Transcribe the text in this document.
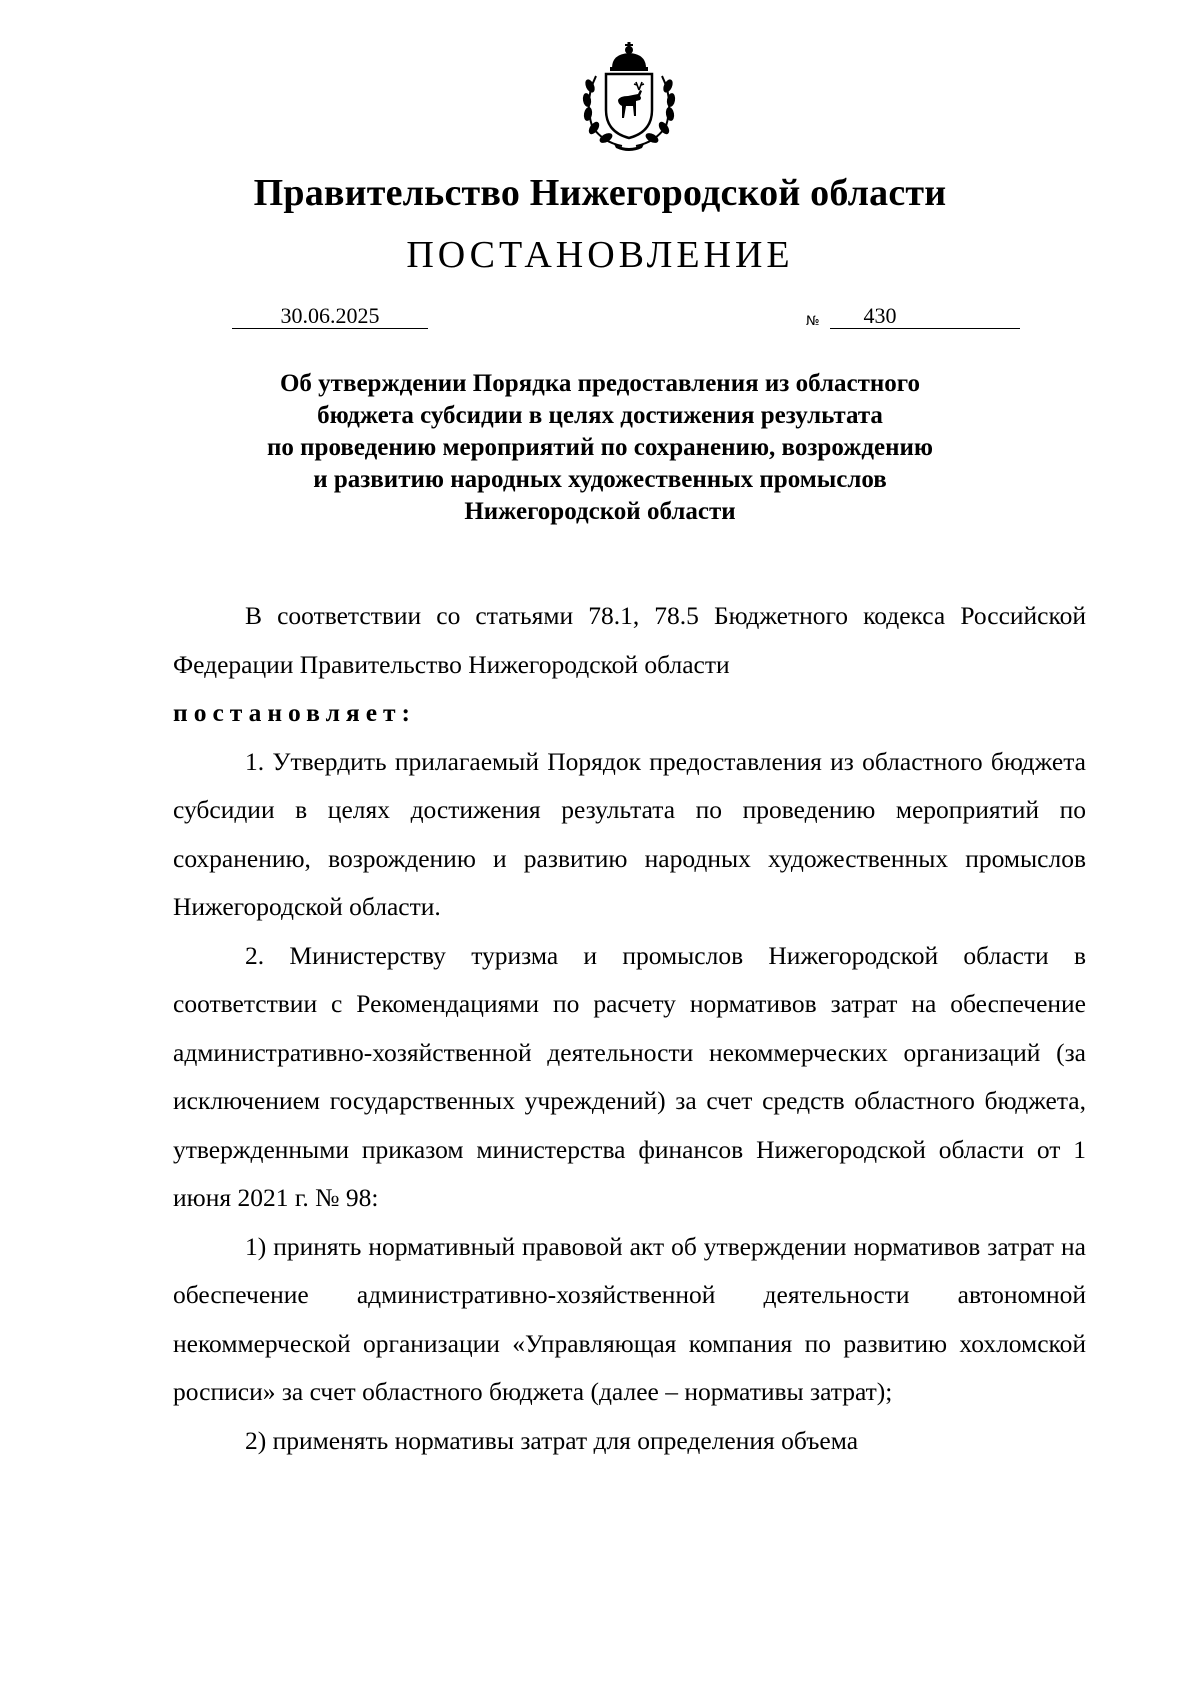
Правительство Нижегородской области
ПОСТАНОВЛЕНИЕ
30.06.2025	№	430
Об утверждении Порядка предоставления из областного
бюджета субсидии в целях достижения результата
по проведению мероприятий по сохранению, возрождению
и развитию народных художественных промыслов
Нижегородской области

В соответствии со статьями 78.1, 78.5 Бюджетного кодекса Российской Федерации Правительство Нижегородской области

постановляет:

1. Утвердить прилагаемый Порядок предоставления из областного бюджета субсидии в целях достижения результата по проведению мероприятий по сохранению, возрождению и развитию народных художественных промыслов Нижегородской области.

2. Министерству туризма и промыслов Нижегородской области в соответствии с Рекомендациями по расчету нормативов затрат на обеспечение административно-хозяйственной деятельности некоммерческих организаций (за исключением государственных учреждений) за счет средств областного бюджета, утвержденными приказом министерства финансов Нижегородской области от 1 июня 2021 г. № 98:

1) принять нормативный правовой акт об утверждении нормативов затрат на обеспечение административно-хозяйственной деятельности автономной некоммерческой организации «Управляющая компания по развитию хохломской росписи» за счет областного бюджета (далее – нормативы затрат);

2) применять нормативы затрат для определения объема
